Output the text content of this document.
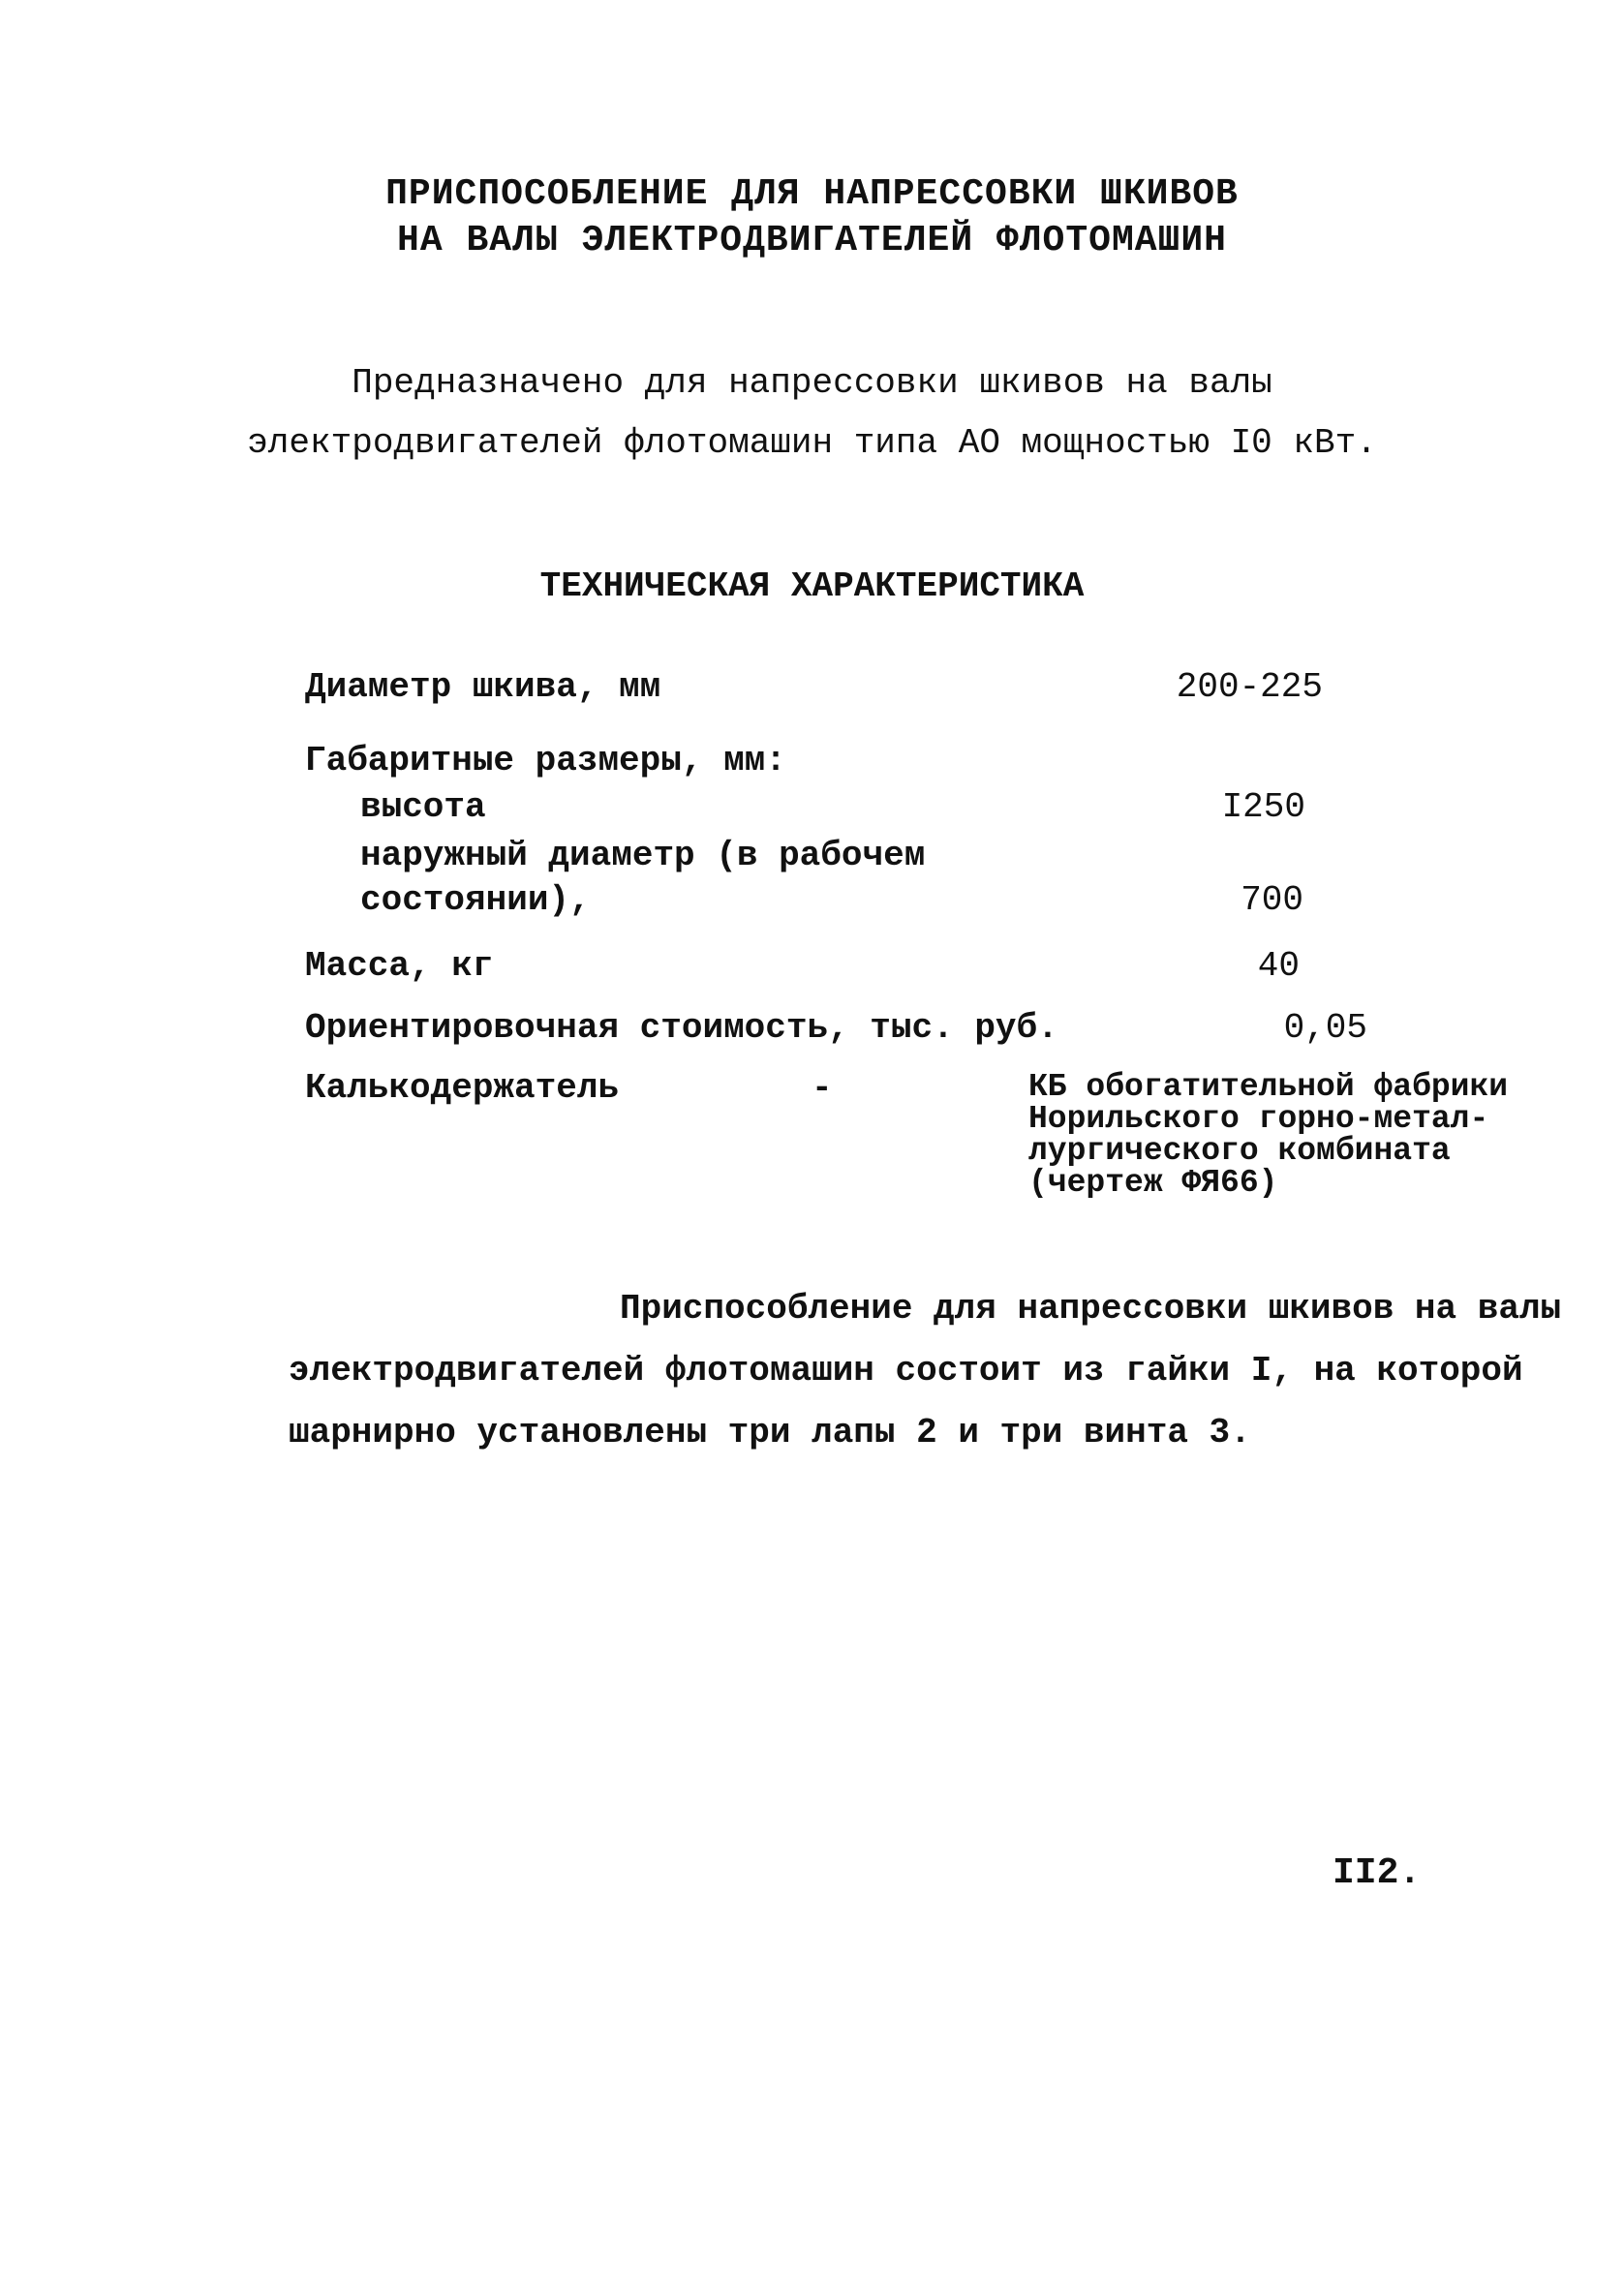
ПРИСПОСОБЛЕНИЕ ДЛЯ НАПРЕССОВКИ ШКИВОВ
НА ВАЛЫ ЭЛЕКТРОДВИГАТЕЛЕЙ ФЛОТОМАШИН
Предназначено для напрессовки шкивов на валы
электродвигателей флотомашин типа АО мощностью I0 кВт.
ТЕХНИЧЕСКАЯ ХАРАКТЕРИСТИКА
Диаметр шкива, мм	200-225
Габаритные размеры, мм:
высота	I250
наружный диаметр (в рабочем
состоянии),	700
Масса, кг	40
Ориентировочная стоимость, тыс. руб.	0,05
Калькодержатель	-	КБ обогатительной фабрики
Норильского горно-метал-
лургического комбината
(чертеж ФЯ66)
Приспособление для напрессовки шкивов на валы
электродвигателей флотомашин состоит из гайки I, на которой
шарнирно установлены три лапы 2 и три винта 3.
II2.
